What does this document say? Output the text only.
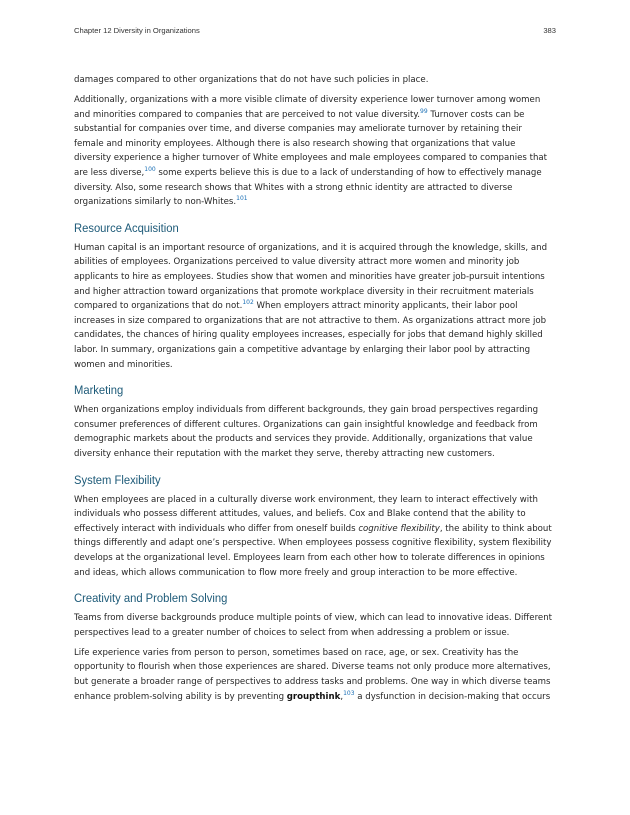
Chapter 12 Diversity in Organizations	383

damages compared to other organizations that do not have such policies in place.

Additionally, organizations with a more visible climate of diversity experience lower turnover among women and minorities compared to companies that are perceived to not value diversity.$^{99}$ Turnover costs can be substantial for companies over time, and diverse companies may ameliorate turnover by retaining their female and minority employees. Although there is also research showing that organizations that value diversity experience a higher turnover of White employees and male employees compared to companies that are less diverse,$^{100}$ some experts believe this is due to a lack of understanding of how to effectively manage diversity. Also, some research shows that Whites with a strong ethnic identity are attracted to diverse organizations similarly to non-Whites.$^{101}$

Resource Acquisition

Human capital is an important resource of organizations, and it is acquired through the knowledge, skills, and abilities of employees. Organizations perceived to value diversity attract more women and minority job applicants to hire as employees. Studies show that women and minorities have greater job-pursuit intentions and higher attraction toward organizations that promote workplace diversity in their recruitment materials compared to organizations that do not.$^{102}$ When employers attract minority applicants, their labor pool increases in size compared to organizations that are not attractive to them. As organizations attract more job candidates, the chances of hiring quality employees increases, especially for jobs that demand highly skilled labor. In summary, organizations gain a competitive advantage by enlarging their labor pool by attracting women and minorities.

Marketing

When organizations employ individuals from different backgrounds, they gain broad perspectives regarding consumer preferences of different cultures. Organizations can gain insightful knowledge and feedback from demographic markets about the products and services they provide. Additionally, organizations that value diversity enhance their reputation with the market they serve, thereby attracting new customers.

System Flexibility

When employees are placed in a culturally diverse work environment, they learn to interact effectively with individuals who possess different attitudes, values, and beliefs. Cox and Blake contend that the ability to effectively interact with individuals who differ from oneself builds cognitive flexibility, the ability to think about things differently and adapt one’s perspective. When employees possess cognitive flexibility, system flexibility develops at the organizational level. Employees learn from each other how to tolerate differences in opinions and ideas, which allows communication to flow more freely and group interaction to be more effective.

Creativity and Problem Solving

Teams from diverse backgrounds produce multiple points of view, which can lead to innovative ideas. Different perspectives lead to a greater number of choices to select from when addressing a problem or issue.

Life experience varies from person to person, sometimes based on race, age, or sex. Creativity has the opportunity to flourish when those experiences are shared. Diverse teams not only produce more alternatives, but generate a broader range of perspectives to address tasks and problems. One way in which diverse teams enhance problem-solving ability is by preventing groupthink,$^{103}$ a dysfunction in decision-making that occurs
